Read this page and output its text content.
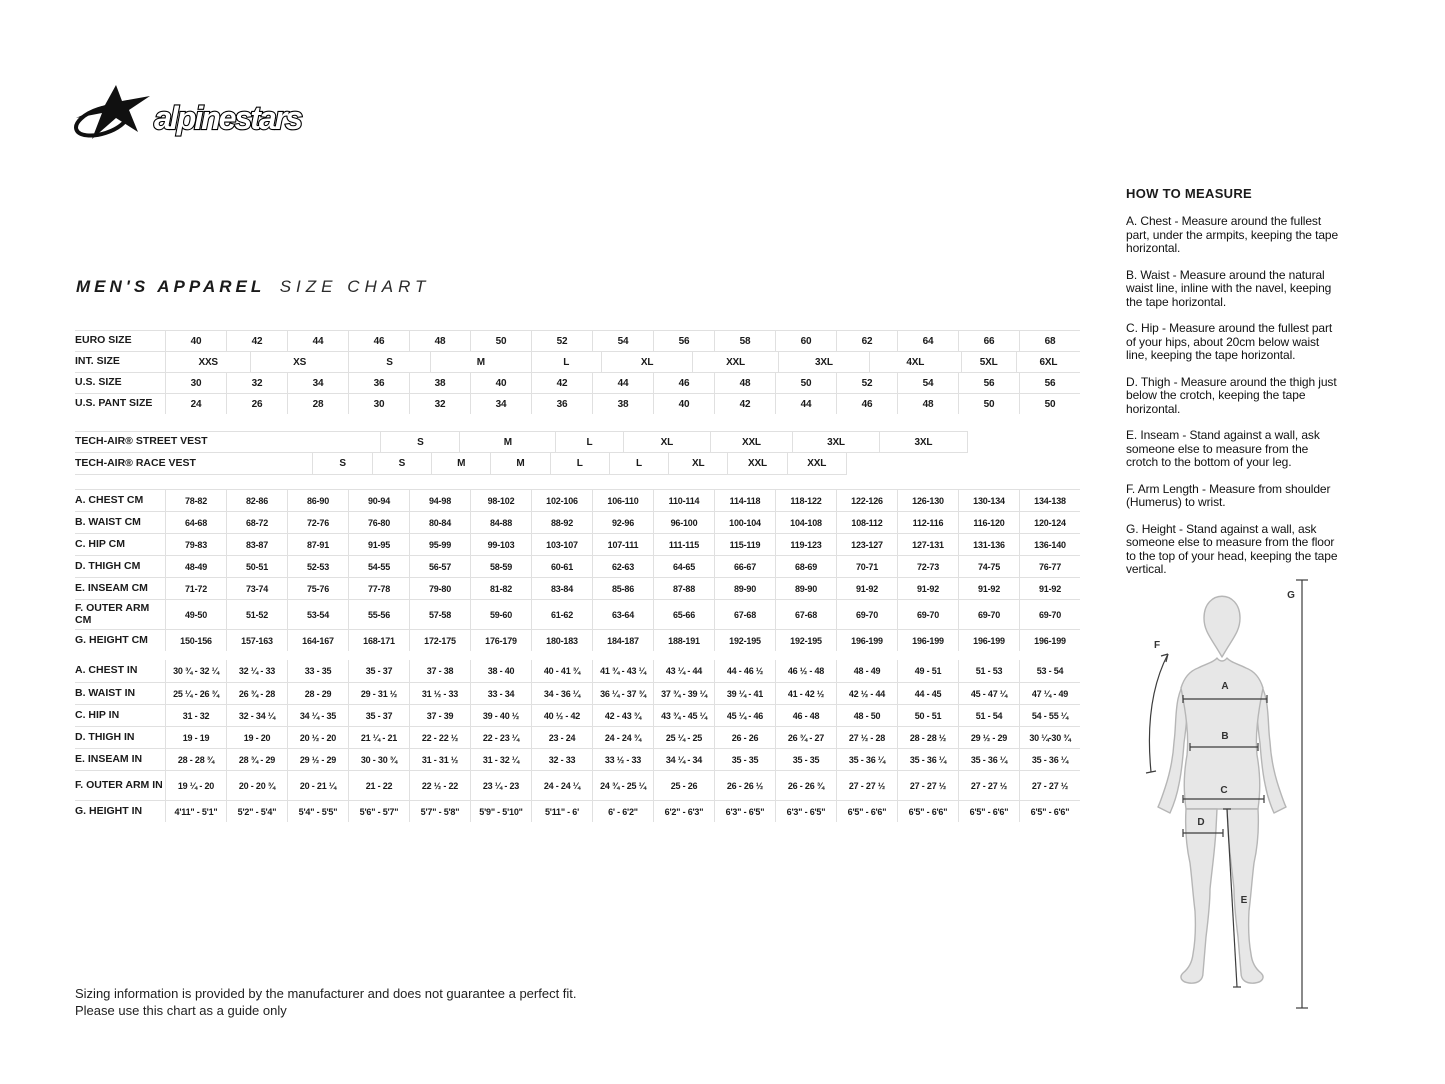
alpinestars
MEN'S APPAREL SIZE CHART
EURO SIZE	40	42	44	46	48	50	52	54	56	58	60	62	64	66	68
INT. SIZE	XXS	XS	S	M	L	XL	XXL	3XL	4XL	5XL	6XL
U.S. SIZE	30	32	34	36	38	40	42	44	46	48	50	52	54	56	56
U.S. PANT SIZE	24	26	28	30	32	34	36	38	40	42	44	46	48	50	50
TECH-AIR® STREET VEST	S	M	L	XL	XXL	3XL	3XL
TECH-AIR® RACE VEST	S	S	M	M	L	L	XL	XXL	XXL
A. CHEST CM	78-82	82-86	86-90	90-94	94-98	98-102	102-106	106-110	110-114	114-118	118-122	122-126	126-130	130-134	134-138
B. WAIST CM	64-68	68-72	72-76	76-80	80-84	84-88	88-92	92-96	96-100	100-104	104-108	108-112	112-116	116-120	120-124
C. HIP CM	79-83	83-87	87-91	91-95	95-99	99-103	103-107	107-111	111-115	115-119	119-123	123-127	127-131	131-136	136-140
D. THIGH CM	48-49	50-51	52-53	54-55	56-57	58-59	60-61	62-63	64-65	66-67	68-69	70-71	72-73	74-75	76-77
E. INSEAM CM	71-72	73-74	75-76	77-78	79-80	81-82	83-84	85-86	87-88	89-90	89-90	91-92	91-92	91-92	91-92
F. OUTER ARM CM	49-50	51-52	53-54	55-56	57-58	59-60	61-62	63-64	65-66	67-68	67-68	69-70	69-70	69-70	69-70
G. HEIGHT CM	150-156	157-163	164-167	168-171	172-175	176-179	180-183	184-187	188-191	192-195	192-195	196-199	196-199	196-199	196-199
A. CHEST IN	30 ¾ - 32 ¼	32 ¼ - 33	33 - 35	35 - 37	37 - 38	38 - 40	40 - 41 ¾	41 ¾ - 43 ¼	43 ¼ - 44	44 - 46 ½	46 ½ - 48	48 - 49	49 - 51	51 - 53	53 - 54
B. WAIST IN	25 ¼ - 26 ¾	26 ¾ - 28	28 - 29	29 - 31 ½	31 ½ - 33	33 - 34	34 - 36 ¼	36 ¼ - 37 ¾	37 ¾ - 39 ¼	39 ¼ - 41	41 - 42 ½	42 ½ - 44	44 - 45	45 - 47 ¼	47 ¼ - 49
C. HIP IN	31 - 32	32 - 34 ¼	34 ¼ - 35	35 - 37	37 - 39	39 - 40 ½	40 ½ - 42	42 - 43 ¾	43 ¾ - 45 ¼	45 ¼ - 46	46 - 48	48 - 50	50 - 51	51 - 54	54 - 55 ¼
D. THIGH IN	19 - 19	19 - 20	20 ½ - 20	21 ¼ - 21	22 - 22 ½	22 - 23 ¼	23 - 24	24 - 24 ¾	25 ¼ - 25	26 - 26	26 ¾ - 27	27 ½ - 28	28 - 28 ½	29 ½ - 29	30 ¼-30 ¾
E. INSEAM IN	28 - 28 ¾	28 ¾ - 29	29 ½ - 29	30 - 30 ¾	31 - 31 ½	31 - 32 ¼	32 - 33	33 ½ - 33	34 ¼ - 34	35 - 35	35 - 35	35 - 36 ¼	35 - 36 ¼	35 - 36 ¼	35 - 36 ¼
F. OUTER ARM IN	19 ¼ - 20	20 - 20 ¾	20 - 21 ¼	21 - 22	22 ½ - 22	23 ¼ - 23	24 - 24 ¼	24 ¾ - 25 ¼	25 - 26	26 - 26 ½	26 - 26 ¾	27 - 27 ½	27 - 27 ½	27 - 27 ½	27 - 27 ½
G. HEIGHT IN	4'11" - 5'1"	5'2" - 5'4"	5'4" - 5'5"	5'6" - 5'7"	5'7" - 5'8"	5'9" - 5'10"	5'11" - 6'	6' - 6'2"	6'2" - 6'3"	6'3" - 6'5"	6'3" - 6'5"	6'5" - 6'6"	6'5" - 6'6"	6'5" - 6'6"	6'5" - 6'6"
HOW TO MEASURE

A. Chest - Measure around the fullest part, under the armpits, keeping the tape horizontal.

B. Waist - Measure around the natural waist line, inline with the navel, keeping the tape horizontal.

C. Hip - Measure around the fullest part of your hips, about 20cm below waist line, keeping the tape horizontal.

D. Thigh - Measure around the thigh just below the crotch, keeping the tape horizontal.

E. Inseam - Stand against a wall, ask someone else to measure from the crotch to the bottom of your leg.

F. Arm Length - Measure from shoulder (Humerus) to wrist.

G. Height - Stand against a wall, ask someone else to measure from the floor to the top of your head, keeping the tape vertical.

A
B
C
D
E
F
G
Sizing information is provided by the manufacturer and does not guarantee a perfect fit.
Please use this chart as a guide only
